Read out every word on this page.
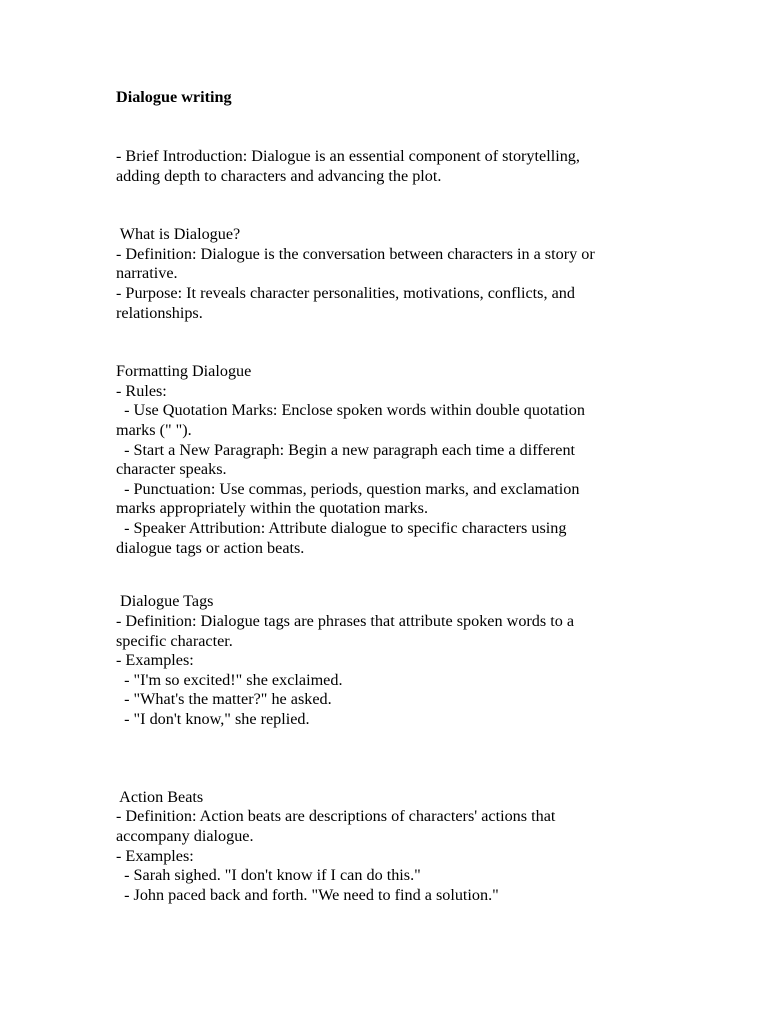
Dialogue writing
- Brief Introduction: Dialogue is an essential component of storytelling,
adding depth to characters and advancing the plot.
What is Dialogue?
- Definition: Dialogue is the conversation between characters in a story or
narrative.
- Purpose: It reveals character personalities, motivations, conflicts, and
relationships.
Formatting Dialogue
- Rules:
- Use Quotation Marks: Enclose spoken words within double quotation
marks (" ").
- Start a New Paragraph: Begin a new paragraph each time a different
character speaks.
- Punctuation: Use commas, periods, question marks, and exclamation
marks appropriately within the quotation marks.
- Speaker Attribution: Attribute dialogue to specific characters using
dialogue tags or action beats.
Dialogue Tags
- Definition: Dialogue tags are phrases that attribute spoken words to a
specific character.
- Examples:
- "I'm so excited!" she exclaimed.
- "What's the matter?" he asked.
- "I don't know," she replied.
Action Beats
- Definition: Action beats are descriptions of characters' actions that
accompany dialogue.
- Examples:
- Sarah sighed. "I don't know if I can do this."
- John paced back and forth. "We need to find a solution."
